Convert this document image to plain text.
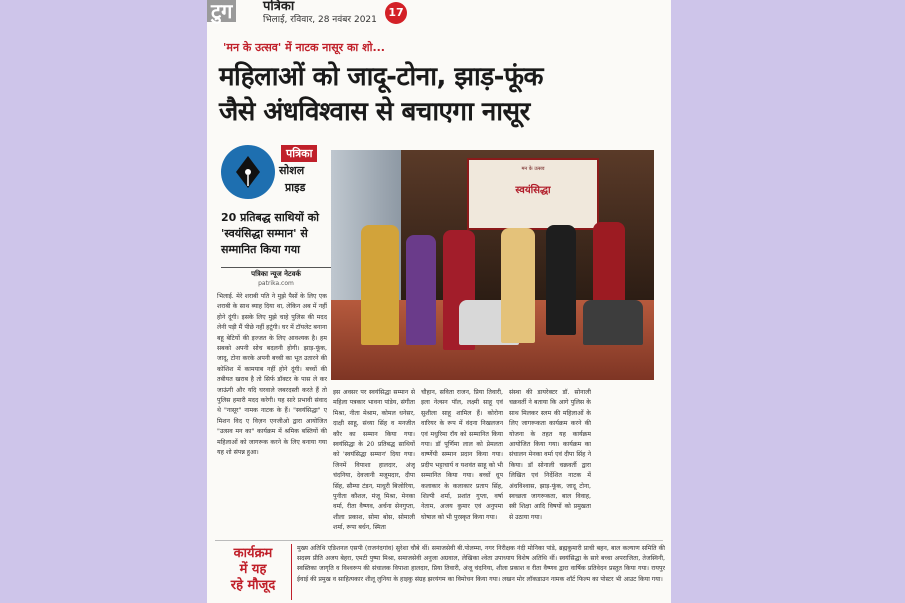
टुग	पत्रिका
भिलाई, रविवार, 28 नवंबर 2021
17
'मन के उत्सव' में नाटक नासूर का शो...
महिलाओं को जादू-टोना, झाड़-फूंक
जैसे अंधविश्वास से बचाएगा नासूर
पत्रिका
सोशल
प्राइड
20 प्रतिबद्ध साथियों को 'स्वयंसिद्धा सम्मान' से सम्मानित किया गया
पत्रिका न्यूज नेटवर्क
patrika.com
भिलाई. मेरे शराबी पति ने मुझे पैसों के लिए एक शराबी के साथ ब्याह दिया था, लेकिन अब में नहीं होने दूंगी। इसके लिए मुझे चाहे पुलिस की मदद लेनी पड़ी मैं पीछे नहीं हटूंगी। घर में टॉयलेट बनाना बहू बेटियों की इज्जत के लिए आवश्यक है। हम सबको अपनी सोच बदलनी होगी। झाड़-फूंक, जादू, टोना करके अपनी बच्ची का भूत उतारने की कोशिश में कामयाब नहीं होने दूंगी। बच्चों की तबीयत खराब है तो सिर्फ डॉक्टर के पास ले कर जाऊंगी और यदि घरवाले जबरदस्ती करते हैं तो पुलिस हमारी मदद करेगी। यह सारे प्रभावी संवाद थे "नासूर" नामक नाटक के हैं। "स्वयंसिद्धा" ए मिशन विद ए विज़न एनजीओ द्वारा आयोजित "उत्सव मन का" कार्यक्रम में श्रमिक बस्तियों की महिलाओं को जागरूक करने के लिए बनाया गया यह शो संपन्न हुआ।
मन के उत्सव
स्वयंसिद्धा
इस अवसर पर स्वयंसिद्धा सम्मान से महिला पत्रकार भावना पांडेय, संगीता मिश्रा, नीता मेश्राम, कोमल धनेसर, दाक्षी साहू, संध्या सिंह व मनजीत कौर का सम्मान किया गया। स्वयंसिद्धा के 20 प्रतिबद्ध साथियों को 'स्वयंसिद्धा सम्मान' दिया गया। जिनमें विपाशा हालदार, अंजू चंदनिया, देवजानी मजूमदार, दीपा सिंह, सौम्या टंडन, माधुरी बिजोरिया, पुनीता कौशल, मंजू मिश्रा, मेनका वर्मा, रीता वैष्णव, अर्चना सेनगुप्ता, शीला प्रकाश, सोमा बोस, सोमाली शर्मा, रूपा बर्धन, स्मिता
चौहान, सविता राजन, प्रिया तिवारी, इला नेल्सन पॉल, लक्ष्मी साहू एवं सुशीला साहू शामिल हैं। कोरोना वारियर के रूप में वंदना निखलजन एवं मधुरिमा रॉय को सम्मानित किया गया। डॉ पूर्णिमा लाल को प्रेमलता वार्ष्णेयी सम्मान प्रदान किया गया। प्रदीप भट्टाचार्य व यशवंत साहू को भी सम्मानित किया गया। बच्चों धूप कलाकार के कलाकार प्रताप सिंह, शिल्पी शर्मा, प्रशांत गुप्ता, वर्षा नेताम, अजय कुमार एवं अनुपमा घोषाल को भी पुरस्कृत किया गया।
संस्था की डायरेक्टर डॉ. सोनाली चक्रवर्ती ने बताया कि आगे पुलिस के साथ मिलकर स्लम की महिलाओं के लिए जागरूकता कार्यक्रम करने की योजना के तहत यह कार्यक्रम आयोजित किया गया। कार्यक्रम का संचालन मेनका वर्मा एवं दीपा सिंह ने किया। डॉ सोनाली चक्रवर्ती द्वारा लिखित एवं निर्देशित नाटक में अंधविश्वास, झाड़-फूंक, जादू टोना, स्वच्छता जागरूकता, बाल विवाह, स्त्री शिक्षा आदि विषयों को प्रमुखता से उठाया गया।
कार्यक्रम
में यह
रहे मौजूद
मुख्य अतिथि एडिशनल एसपी (राजनंदगांव) सुरेशा चौबे थीं। समाजसेवी बी.पोलम्मा, नगर निरीक्षक नंदी मोनिका पांडे, ब्रह्मकुमारी प्राची बहन, बाल कल्याण समिति की सदस्य प्रीति अजय बेहरा, एमटी पुष्पा मिश्रा, समाजसेवी अनुजा अग्रवाल, लेखिका श्वेता उपाध्याय विशेष अतिथि थीं। स्वयंसिद्धा के सारे बच्चा अपराजिता, तेजस्विनी, स्वस्तिका जागृति व विश्वरूप की संचालक विपाशा हालदार, प्रिया तिवारी, अंजू चंदनिया, शीला प्रकाश व रीता वैष्णव द्वारा वार्षिक प्रतिवेदन प्रस्तुत किया गया। रायपुर ईवाई की प्रमुख व साहित्यकार शीलू लुनिया के हाइकु संग्रह झरयंगम का विमोचन किया गया। लखन मोर लॉकडाउन नामक शॉर्ट फिल्म का पोस्टर भी आउट किया गया।
